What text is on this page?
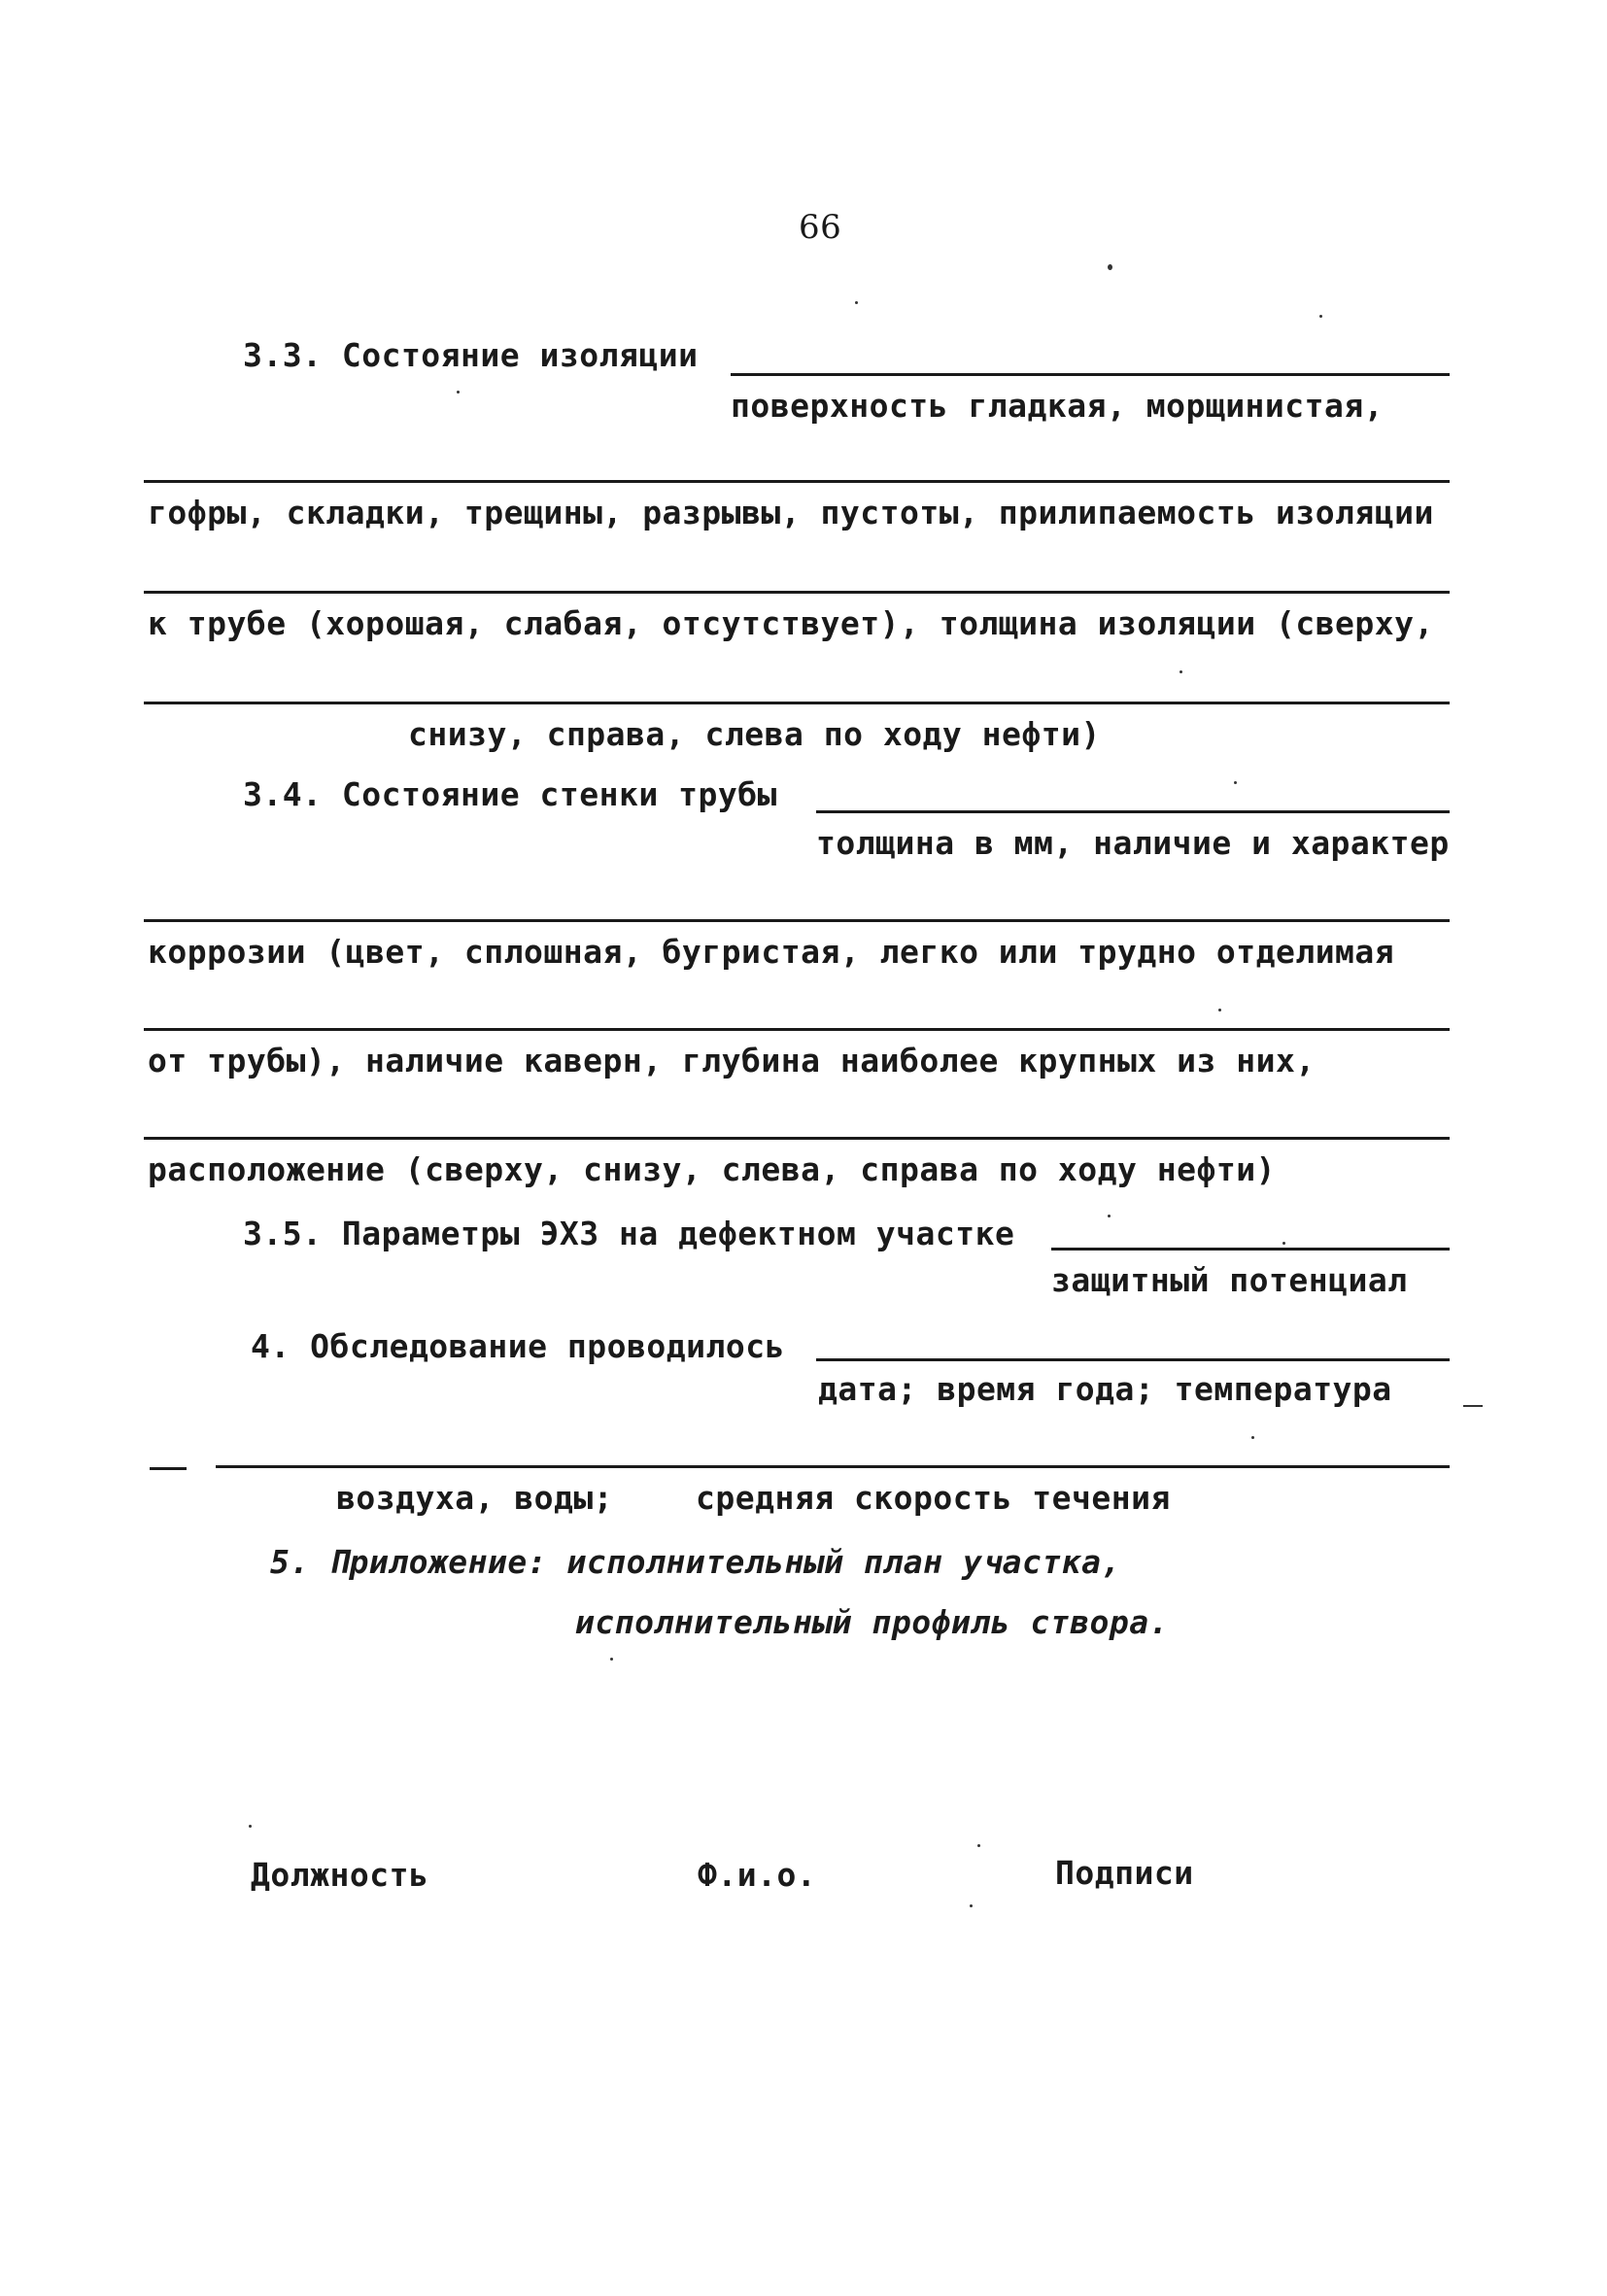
66
3.3. Состояние изоляции
поверхность гладкая, морщинистая,
гофры, складки, трещины, разрывы, пустоты, прилипаемость изоляции
к трубе (хорошая, слабая, отсутствует), толщина изоляции (сверху,
снизу, справа, слева по ходу нефти)
3.4. Состояние стенки трубы
толщина в мм, наличие и характер
коррозии (цвет, сплошная, бугристая, легко или трудно отделимая
от трубы), наличие каверн, глубина наиболее крупных из них,
расположение (сверху, снизу, слева, справа по ходу нефти)
3.5. Параметры ЭХЗ на дефектном участке
защитный потенциал
4. Обследование проводилось
дата; время года; температура
воздуха, воды;	средняя скорость течения
5. Приложение: исполнительный план участка,
исполнительный профиль створа.
Должность	Ф.и.о.	Подписи
